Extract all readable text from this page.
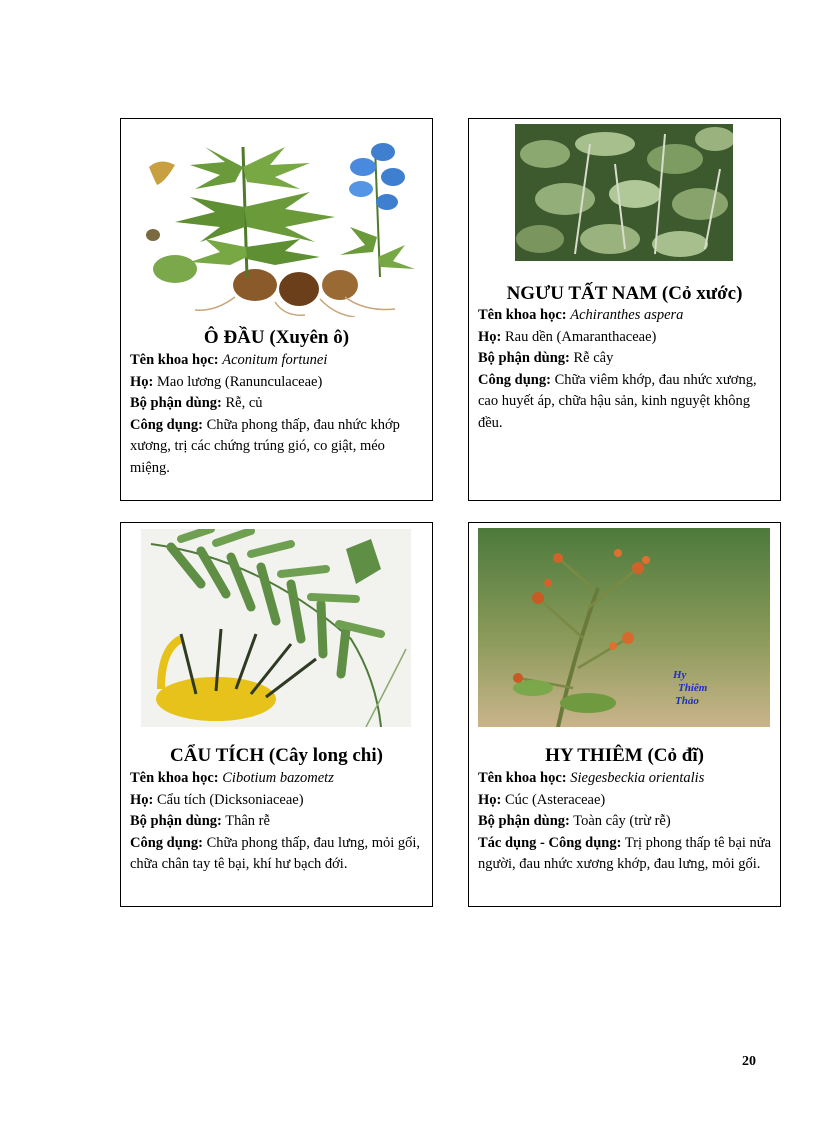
Ô ĐẦU (Xuyên ô)

Tên khoa học: Aconitum fortunei

Họ: Mao lương (Ranunculaceae)

Bộ phận dùng: Rễ, củ

Công dụng: Chữa phong thấp, đau nhức khớp xương, trị các chứng trúng gió, co giật, méo miệng.

NGƯU TẤT NAM (Cỏ xước)

Tên khoa học: Achiranthes aspera

Họ: Rau dền (Amaranthaceae)

Bộ phận dùng: Rễ cây

Công dụng: Chữa viêm khớp, đau nhức xương, cao huyết áp, chữa hậu sản, kinh nguyệt không đều.

CẨU TÍCH (Cây long chi)

Tên khoa học: Cibotium bazometz

Họ: Cẩu tích (Dicksoniaceae)

Bộ phận dùng: Thân rễ

Công dụng: Chữa phong thấp, đau lưng, mỏi gối, chữa chân tay tê bại, khí hư bạch đới.

Hy
Thiêm
Thảo
HY THIÊM (Cỏ đĩ)

Tên khoa học: Siegesbeckia orientalis

Họ: Cúc (Asteraceae)

Bộ phận dùng: Toàn cây (trừ rễ)

Tác dụng - Công dụng: Trị phong thấp tê bại nửa người, đau nhức xương khớp, đau lưng, mỏi gối.

20
